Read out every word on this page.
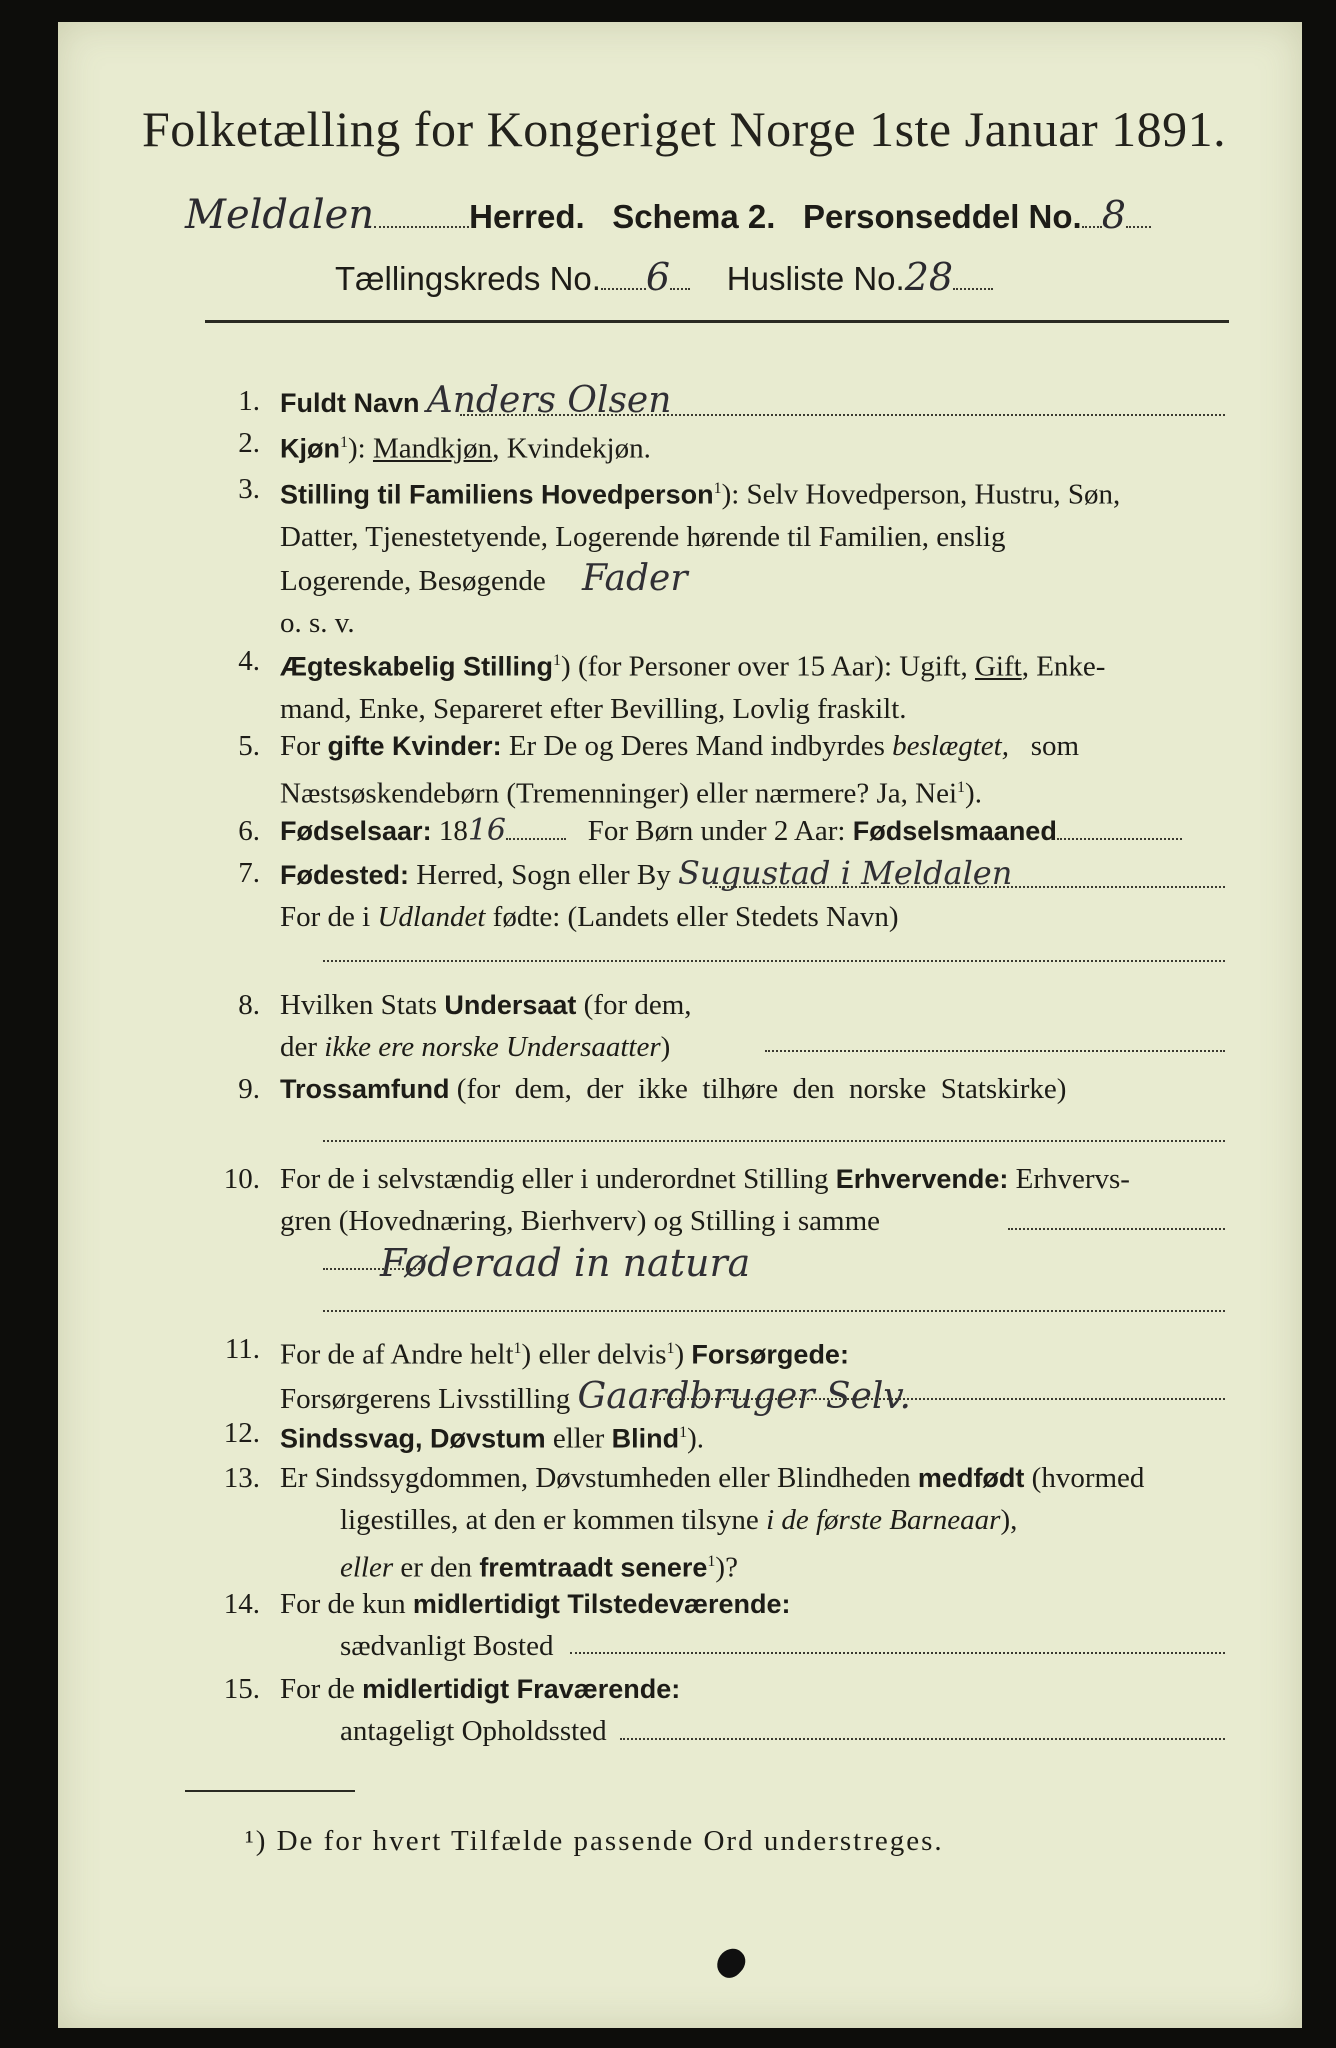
Folketælling for Kongeriget Norge 1ste Januar 1891.
Meldalen	Herred. Schema 2. Personseddel No. 8
Tællingskreds No. 6 Husliste No.28
1. Fuldt Navn Anders Olsen
2. Kjøn$^1$): Mandkjøn, Kvindekjøn.
3. Stilling til Familiens Hovedperson$^1$): Selv Hovedperson, Hustru, Søn,
Datter, Tjenestetyende, Logerende hørende til Familien, enslig
Logerende, Besøgende Fader
o. s. v.
4. Ægteskabelig Stilling$^1$) (for Personer over 15 Aar): Ugift, Gift, Enke-
mand, Enke, Separeret efter Bevilling, Lovlig fraskilt.
5. For gifte Kvinder: Er De og Deres Mand indbyrdes beslægtet, som
Næstsøskendebørn (Tremenninger) eller nærmere? Ja, Nei$^1$).
6. Fødselsaar: 1816	For Børn under 2 Aar: Fødselsmaaned
7. Fødested: Herred, Sogn eller By Sugustad i Meldalen
For de i Udlandet fødte: (Landets eller Stedets Navn)
8. Hvilken Stats Undersaat (for dem,
der ikke ere norske Undersaatter)
9. Trossamfund (for  dem,  der  ikke  tilhøre  den  norske  Statskirke)
10. For de i selvstændig eller i underordnet Stilling Erhvervende: Erhvervs-
gren (Hovednæring, Bierhverv) og Stilling i samme
Føderaad in natura
11. For de af Andre helt$^1$) eller delvis$^1$) Forsørgede:
Forsørgerens Livsstilling Gaardbruger Selv.
12. Sindssvag, Døvstum eller Blind$^1$).
13. Er Sindssygdommen, Døvstumheden eller Blindheden medfødt (hvormed
ligestilles, at den er kommen tilsyne i de første Barneaar),
eller er den fremtraadt senere$^1$)?
14. For de kun midlertidigt Tilstedeværende:
sædvanligt Bosted
15. For de midlertidigt Fraværende:
antageligt Opholdssted
¹) De for hvert Tilfælde passende Ord understreges.
